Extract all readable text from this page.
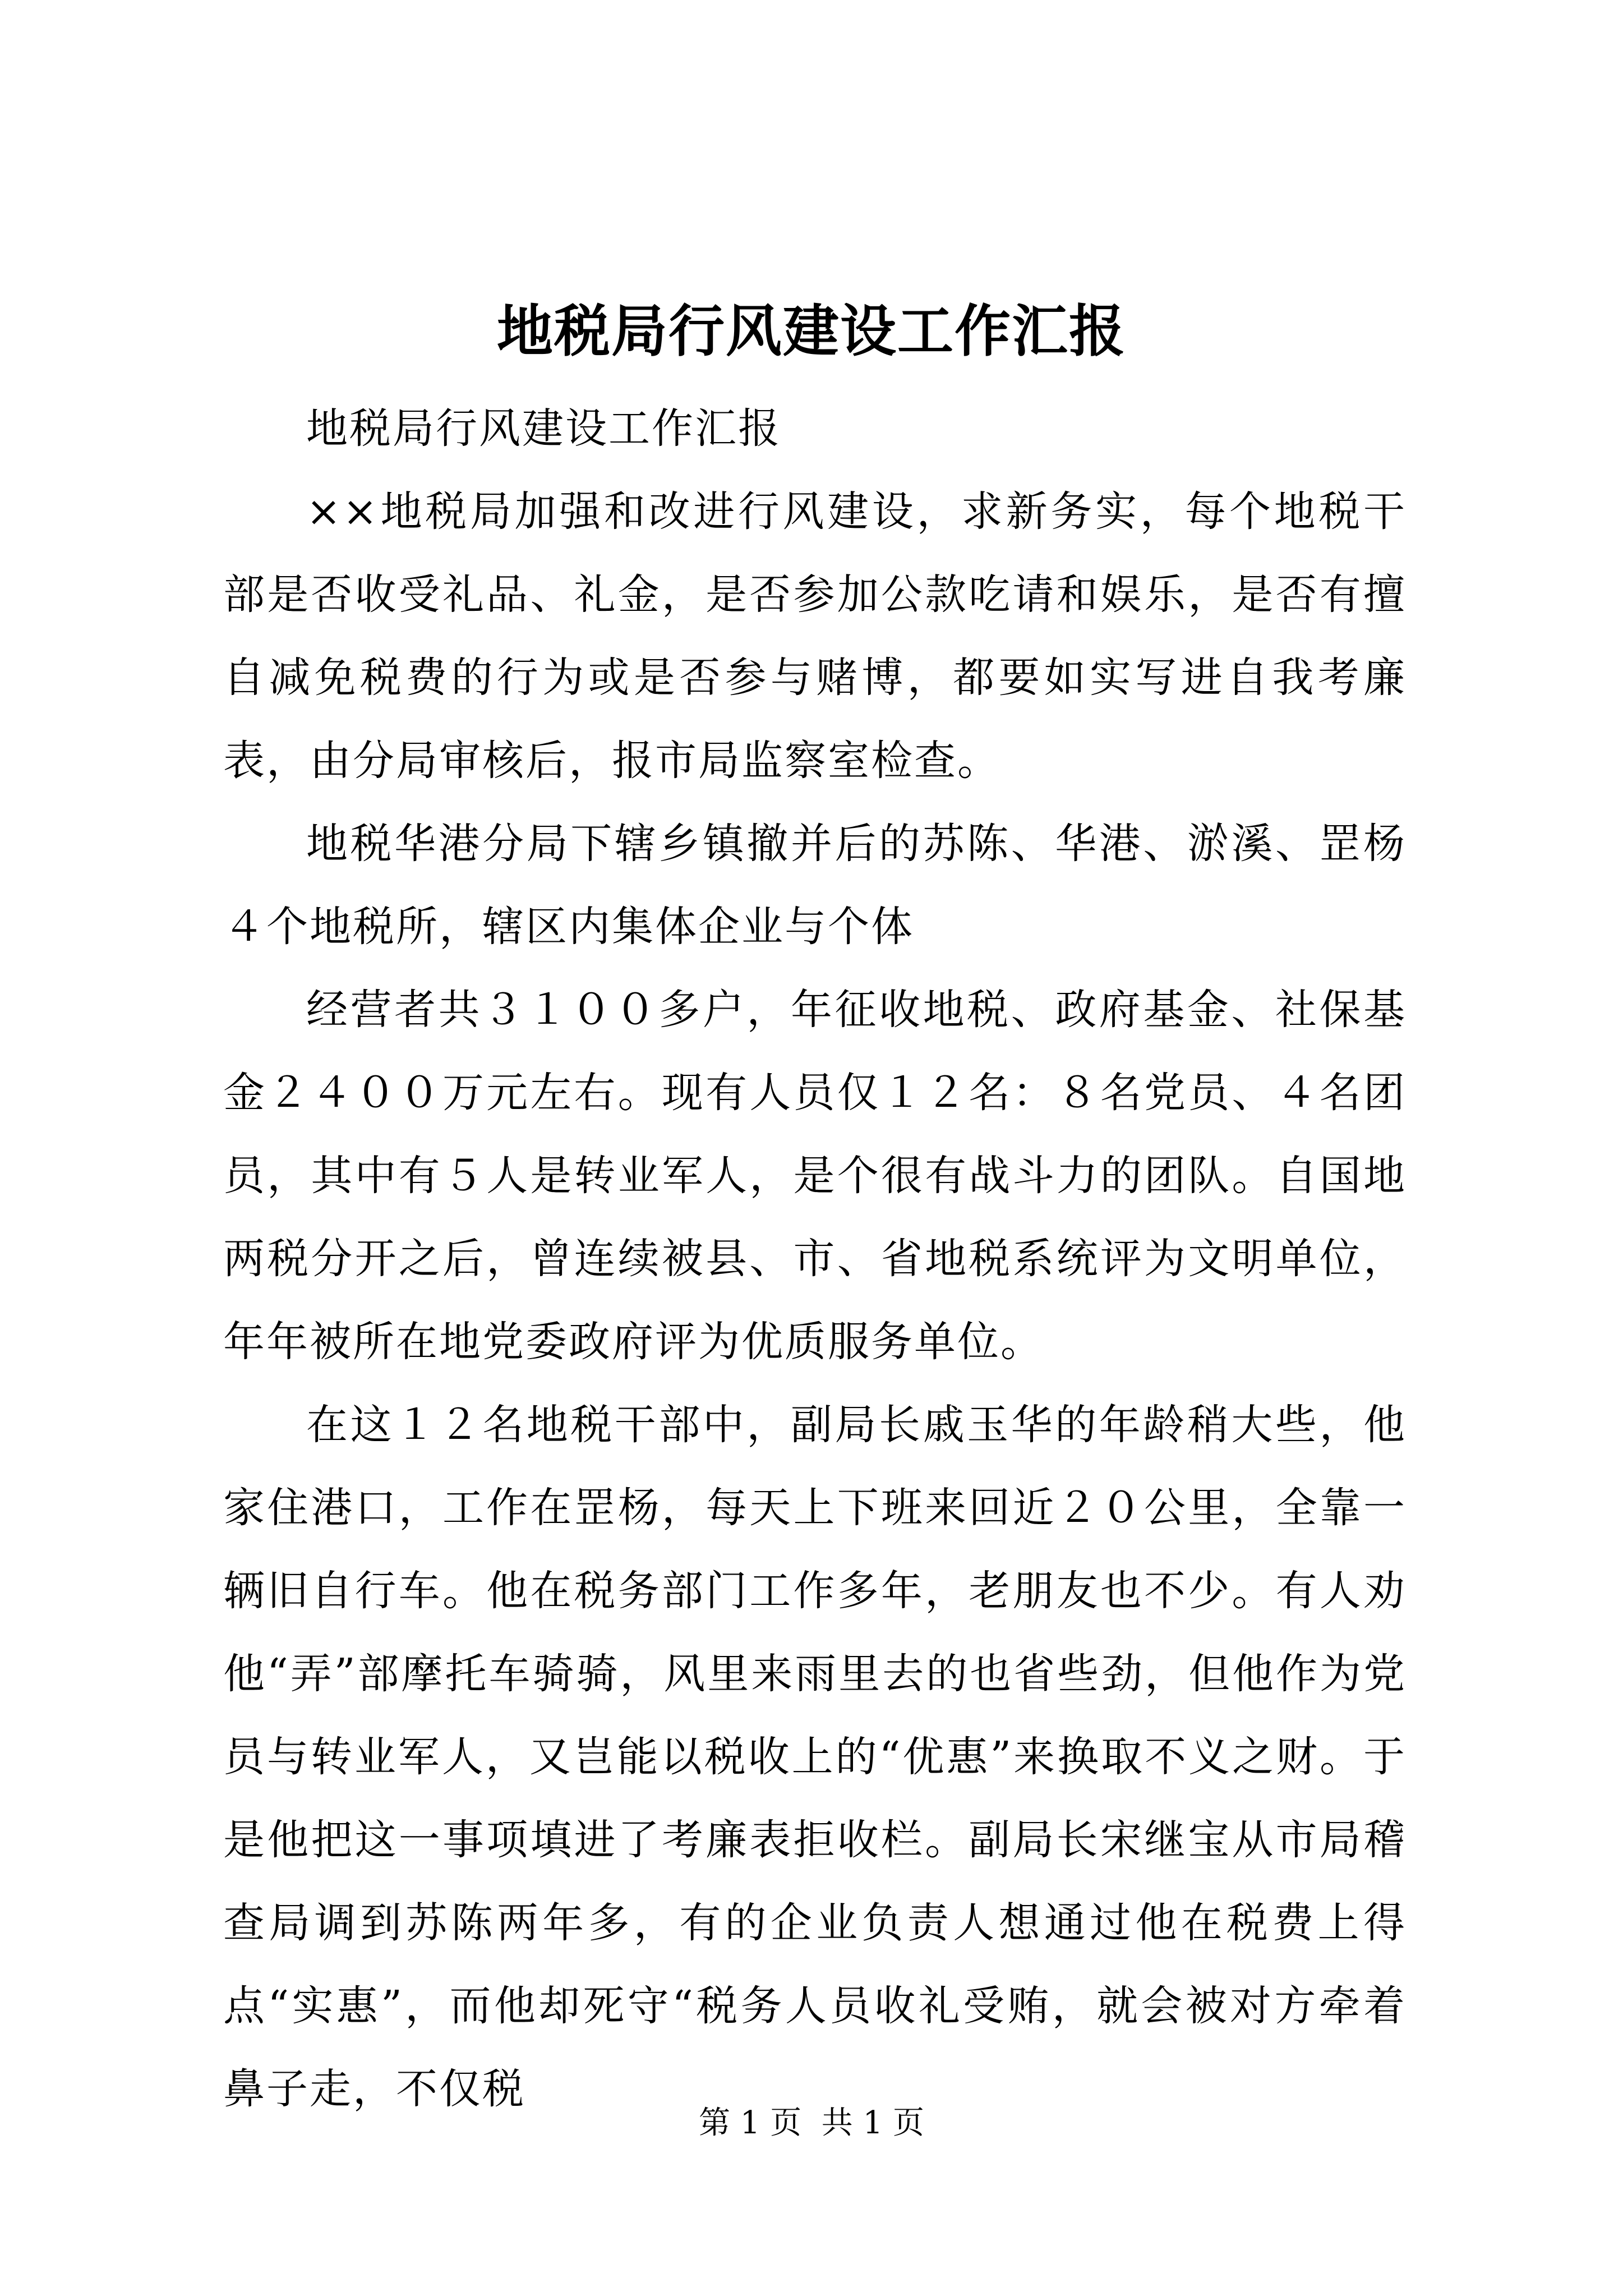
地税局行风建设工作汇报

地税局行风建设工作汇报

××地税局加强和改进行风建设，求新务实，每个地税干部是否收受礼品、礼金，是否参加公款吃请和娱乐，是否有擅自减免税费的行为或是否参与赌博，都要如实写进自我考廉表，由分局审核后，报市局监察室检查。

地税华港分局下辖乡镇撤并后的苏陈、华港、淤溪、罡杨４个地税所，辖区内集体企业与个体

经营者共３１００多户，年征收地税、政府基金、社保基金２４００万元左右。现有人员仅１２名：８名党员、４名团员，其中有５人是转业军人，是个很有战斗力的团队。自国地两税分开之后，曾连续被县、市、省地税系统评为文明单位，年年被所在地党委政府评为优质服务单位。

在这１２名地税干部中，副局长戚玉华的年龄稍大些，他家住港口，工作在罡杨，每天上下班来回近２０公里，全靠一辆旧自行车。他在税务部门工作多年，老朋友也不少。有人劝他“弄”部摩托车骑骑，风里来雨里去的也省些劲，但他作为党员与转业军人，又岂能以税收上的“优惠”来换取不义之财。于是他把这一事项填进了考廉表拒收栏。副局长宋继宝从市局稽查局调到苏陈两年多，有的企业负责人想通过他在税费上得点“实惠”，而他却死守“税务人员收礼受贿，就会被对方牵着鼻子走，不仅税

第 1 页  共 1 页
